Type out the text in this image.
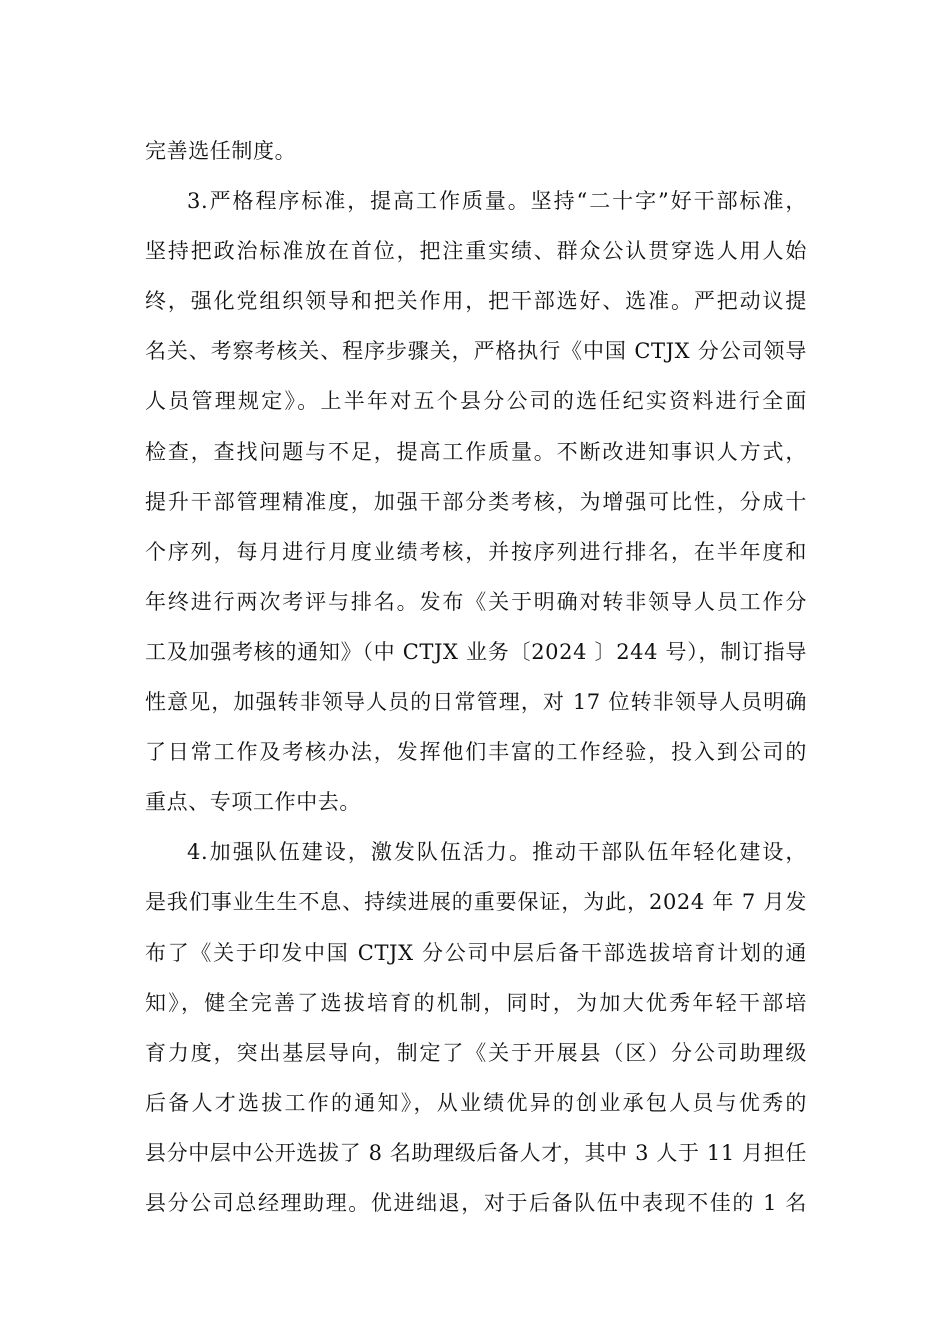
完善选任制度。
3.严格程序标准，提高工作质量。坚持“二十字”好干部标准，
坚持把政治标准放在首位，把注重实绩、群众公认贯穿选人用人始
终，强化党组织领导和把关作用，把干部选好、选准。严把动议提
名关、考察考核关、程序步骤关，严格执行《中国 CTJX 分公司领导
人员管理规定》。上半年对五个县分公司的选任纪实资料进行全面
检查，查找问题与不足，提高工作质量。不断改进知事识人方式，
提升干部管理精准度，加强干部分类考核，为增强可比性，分成十
个序列，每月进行月度业绩考核，并按序列进行排名，在半年度和
年终进行两次考评与排名。发布《关于明确对转非领导人员工作分
工及加强考核的通知》（中 CTJX 业务〔2024 〕244 号），制订指导
性意见，加强转非领导人员的日常管理，对 17 位转非领导人员明确
了日常工作及考核办法，发挥他们丰富的工作经验，投入到公司的
重点、专项工作中去。
4.加强队伍建设，激发队伍活力。推动干部队伍年轻化建设，
是我们事业生生不息、持续进展的重要保证，为此，2024 年 7 月发
布了《关于印发中国 CTJX 分公司中层后备干部选拔培育计划的通
知》，健全完善了选拔培育的机制，同时，为加大优秀年轻干部培
育力度，突出基层导向，制定了《关于开展县（区）分公司助理级
后备人才选拔工作的通知》，从业绩优异的创业承包人员与优秀的
县分中层中公开选拔了 8 名助理级后备人才，其中 3 人于 11 月担任
县分公司总经理助理。优进绌退，对于后备队伍中表现不佳的 1 名
